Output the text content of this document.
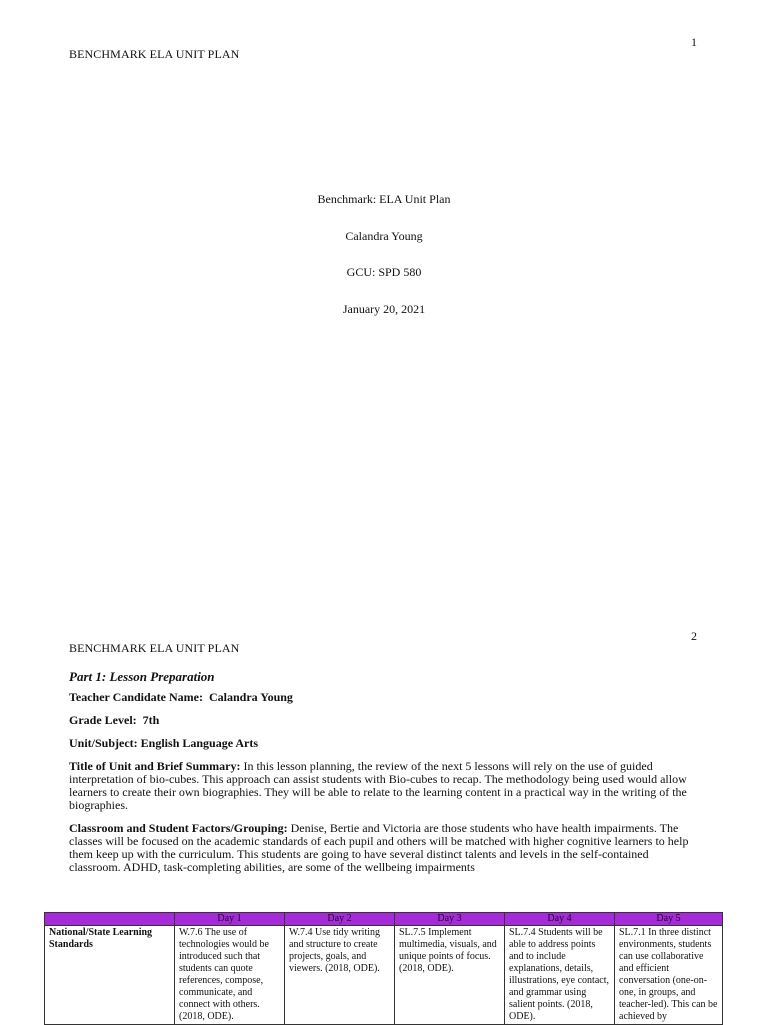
BENCHMARK ELA UNIT PLAN
1
Benchmark: ELA Unit Plan
Calandra Young
GCU: SPD 580
January 20, 2021
BENCHMARK ELA UNIT PLAN
2
Part 1: Lesson Preparation
Teacher Candidate Name: Calandra Young
Grade Level: 7th
Unit/Subject: English Language Arts
Title of Unit and Brief Summary: In this lesson planning, the review of the next 5 lessons will rely on the use of guided interpretation of bio-cubes. This approach can assist students with Bio-cubes to recap. The methodology being used would allow learners to create their own biographies. They will be able to relate to the learning content in a practical way in the writing of the biographies.
Classroom and Student Factors/Grouping: Denise, Bertie and Victoria are those students who have health impairments. The classes will be focused on the academic standards of each pupil and others will be matched with higher cognitive learners to help them keep up with the curriculum. This students are going to have several distinct talents and levels in the self-contained classroom. ADHD, task-completing abilities, are some of the wellbeing impairments
	Day 1	Day 2	Day 3	Day 4	Day 5
National/State Learning Standards	W.7.6 The use of technologies would be introduced such that students can quote references, compose, communicate, and connect with others. (2018, ODE).	W.7.4 Use tidy writing and structure to create projects, goals, and viewers. (2018, ODE).	SL.7.5 Implement multimedia, visuals, and unique points of focus. (2018, ODE).	SL.7.4 Students will be able to address points and to include explanations, details, illustrations, eye contact, and grammar using salient points. (2018, ODE).	SL.7.1 In three distinct environments, students can use collaborative and efficient conversation (one-on-one, in groups, and teacher-led). This can be achieved by
